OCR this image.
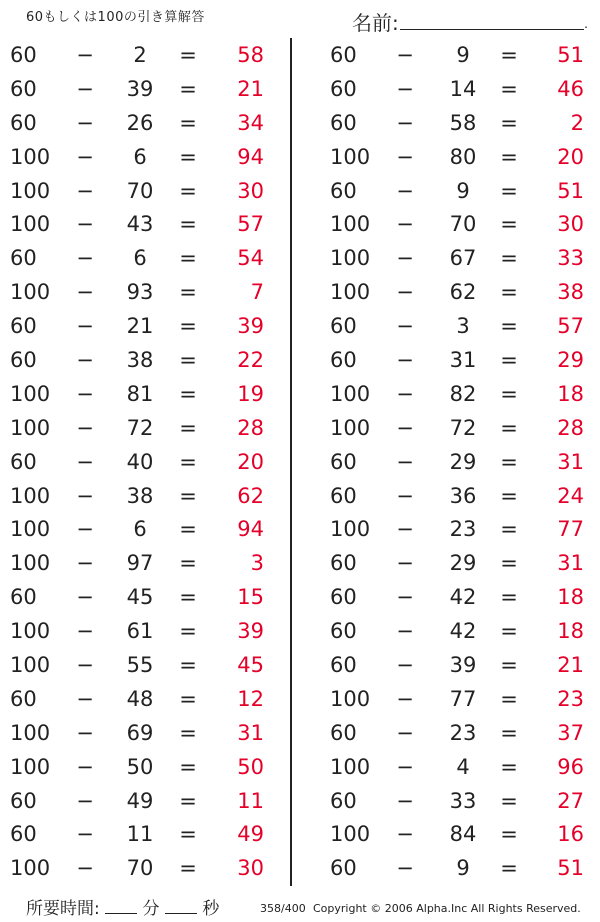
60もしくは100の引き算解答	名前:	.
60 −	2	=	58
60 −	39	=	21
60 −	26	=	34
100 −	6	=	94
100 −	70	=	30
100 −	43	=	57
60 −	6	=	54
100 −	93	=	7
60 −	21	=	39
60 −	38	=	22
100 −	81	=	19
100 −	72	=	28
60 −	40	=	20
100 −	38	=	62
100 −	6	=	94
100 −	97	=	3
60 −	45	=	15
100 −	61	=	39
100 −	55	=	45
60 −	48	=	12
100 −	69	=	31
100 −	50	=	50
60 −	49	=	11
60 −	11	=	49
100 −	70	=	30
60 −	9	=	51
60 −	14	=	46
60 −	58	=	2
100 −	80	=	20
60 −	9	=	51
100 −	70	=	30
100 −	67	=	33
100 −	62	=	38
60 −	3	=	57
60 −	31	=	29
100 −	82	=	18
100 −	72	=	28
60 −	29	=	31
60 −	36	=	24
100 −	23	=	77
60 −	29	=	31
60 −	42	=	18
60 −	42	=	18
60 −	39	=	21
100 −	77	=	23
60 −	23	=	37
100 −	4	=	96
60 −	33	=	27
100 −	84	=	16
60 −	9	=	51
所要時間:	分	秒	358/400 Copyright © 2006 Alpha.Inc All Rights Reserved.
